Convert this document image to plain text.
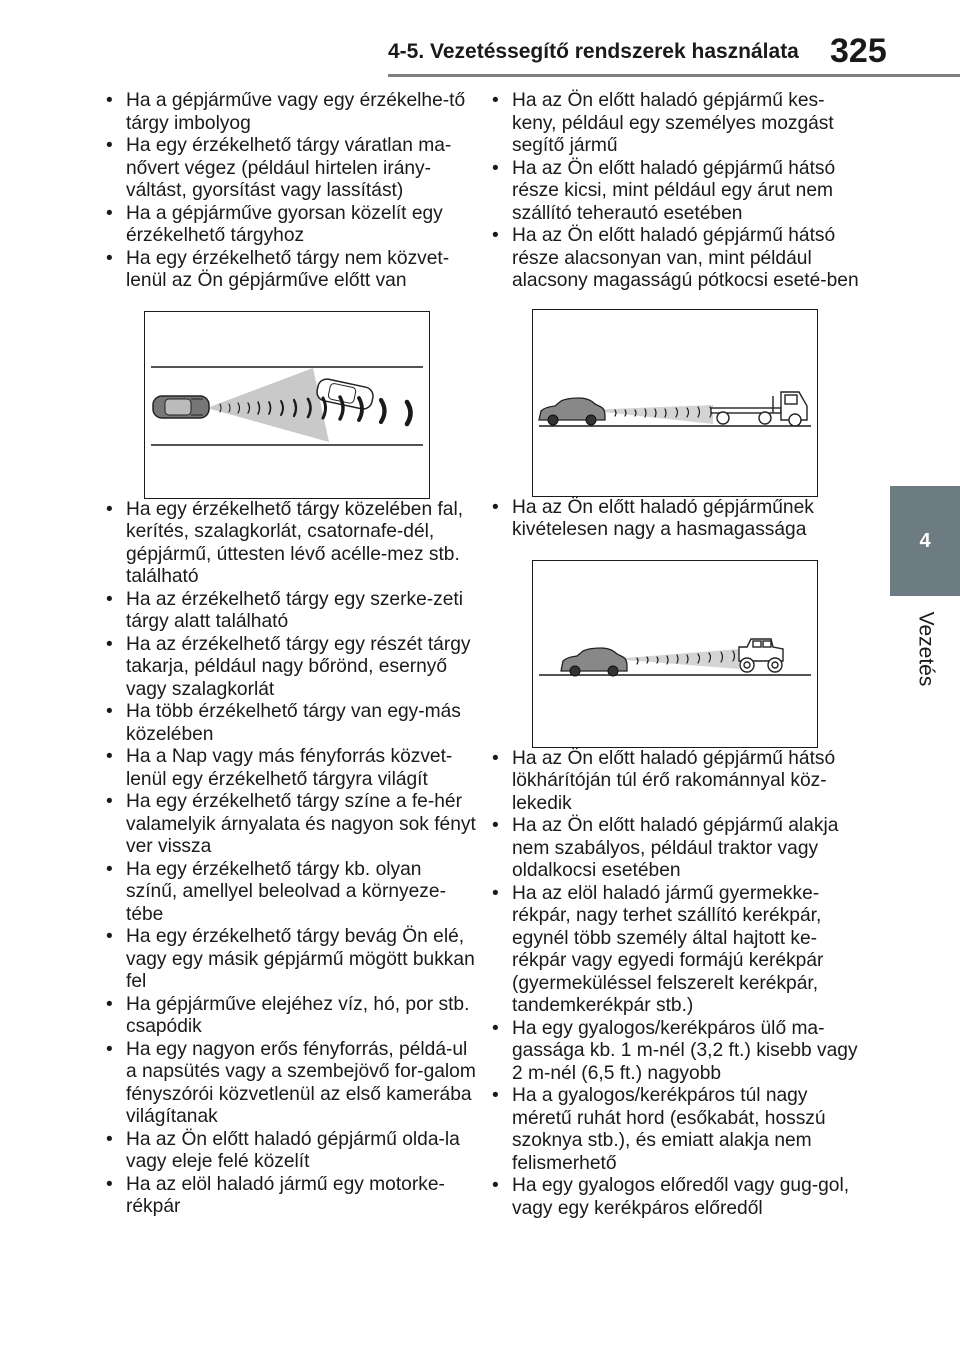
4-5. Vezetéssegítő rendszerek használata 325
4
Vezetés
• Ha a gépjárműve vagy egy érzékelhe-tő tárgy imbolyog
• Ha egy érzékelhető tárgy váratlan ma-nővert végez (például hirtelen irány-váltást, gyorsítást vagy lassítást)
• Ha a gépjárműve gyorsan közelít egy érzékelhető tárgyhoz
• Ha egy érzékelhető tárgy nem közvet-lenül az Ön gépjárműve előtt van
• Ha egy érzékelhető tárgy közelében fal, kerítés, szalagkorlát, csatornafe-dél, gépjármű, úttesten lévő acélle-mez stb. található
• Ha az érzékelhető tárgy egy szerke-zeti tárgy alatt található
• Ha az érzékelhető tárgy egy részét tárgy takarja, például nagy bőrönd, esernyő vagy szalagkorlát
• Ha több érzékelhető tárgy van egy-más közelében
• Ha a Nap vagy más fényforrás közvet-lenül egy érzékelhető tárgyra világít
• Ha egy érzékelhető tárgy színe a fe-hér valamelyik árnyalata és nagyon sok fényt ver vissza
• Ha egy érzékelhető tárgy kb. olyan színű, amellyel beleolvad a környeze-tébe
• Ha egy érzékelhető tárgy bevág Ön elé, vagy egy másik gépjármű mögött bukkan fel
• Ha gépjárműve elejéhez víz, hó, por stb. csapódik
• Ha egy nagyon erős fényforrás, példá-ul a napsütés vagy a szembejövő for-galom fényszórói közvetlenül az első kamerába világítanak
• Ha az Ön előtt haladó gépjármű olda-la vagy eleje felé közelít
• Ha az elöl haladó jármű egy motorke-rékpár
• Ha az Ön előtt haladó gépjármű kes-keny, például egy személyes mozgást segítő jármű
• Ha az Ön előtt haladó gépjármű hátsó része kicsi, mint például egy árut nem szállító teherautó esetében
• Ha az Ön előtt haladó gépjármű hátsó része alacsonyan van, mint például alacsony magasságú pótkocsi eseté-ben
• Ha az Ön előtt haladó gépjárműnek kivételesen nagy a hasmagassága
• Ha az Ön előtt haladó gépjármű hátsó lökhárítóján túl érő rakománnyal köz-lekedik
• Ha az Ön előtt haladó gépjármű alakja nem szabályos, például traktor vagy oldalkocsi esetében
• Ha az elöl haladó jármű gyermekke-rékpár, nagy terhet szállító kerékpár, egynél több személy által hajtott ke-rékpár vagy egyedi formájú kerékpár (gyermeküléssel felszerelt kerékpár, tandemkerékpár stb.)
• Ha egy gyalogos/kerékpáros ülő ma-gassága kb. 1 m-nél (3,2 ft.) kisebb vagy 2 m-nél (6,5 ft.) nagyobb
• Ha a gyalogos/kerékpáros túl nagy méretű ruhát hord (esőkabát, hosszú szoknya stb.), és emiatt alakja nem felismerhető
• Ha egy gyalogos előredől vagy gug-gol, vagy egy kerékpáros előredől
